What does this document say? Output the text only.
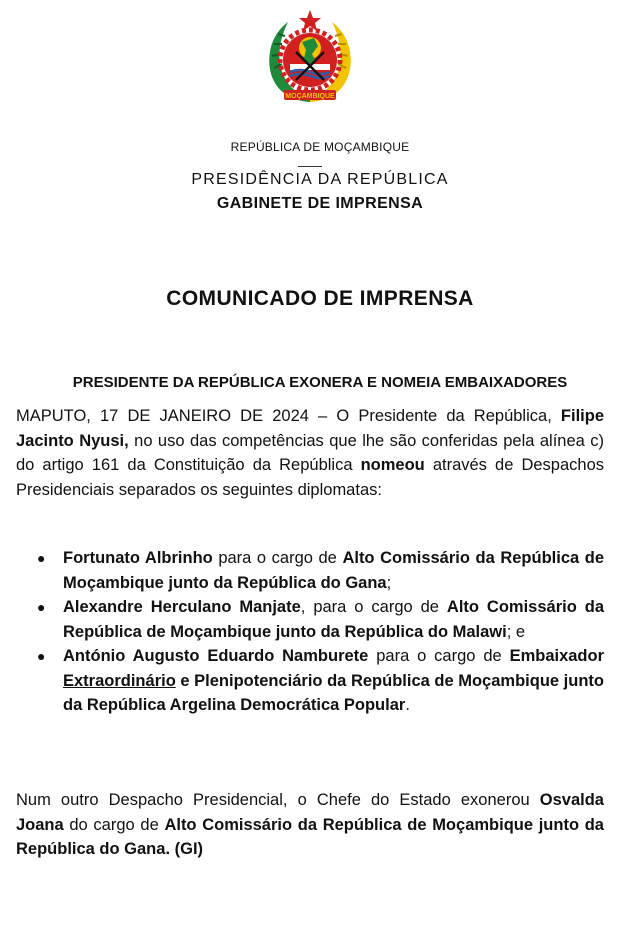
MOÇAMBIQUE
REPÚBLICA DE MOÇAMBIQUE
PRESIDÊNCIA DA REPÚBLICA
GABINETE DE IMPRENSA
COMUNICADO DE IMPRENSA
PRESIDENTE DA REPÚBLICA EXONERA E NOMEIA EMBAIXADORES
MAPUTO, 17 DE JANEIRO DE 2024 – O Presidente da República, Filipe Jacinto Nyusi, no uso das competências que lhe são conferidas pela alínea c) do artigo 161 da Constituição da República nomeou através de Despachos Presidenciais separados os seguintes diplomatas:
● Fortunato Albrinho para o cargo de Alto Comissário da República de Moçambique junto da República do Gana;
● Alexandre Herculano Manjate, para o cargo de Alto Comissário da República de Moçambique junto da República do Malawi; e
● António Augusto Eduardo Namburete para o cargo de Embaixador Extraordinário e Plenipotenciário da República de Moçambique junto da República Argelina Democrática Popular.
Num outro Despacho Presidencial, o Chefe do Estado exonerou Osvalda Joana do cargo de Alto Comissário da República de Moçambique junto da República do Gana. (GI)
